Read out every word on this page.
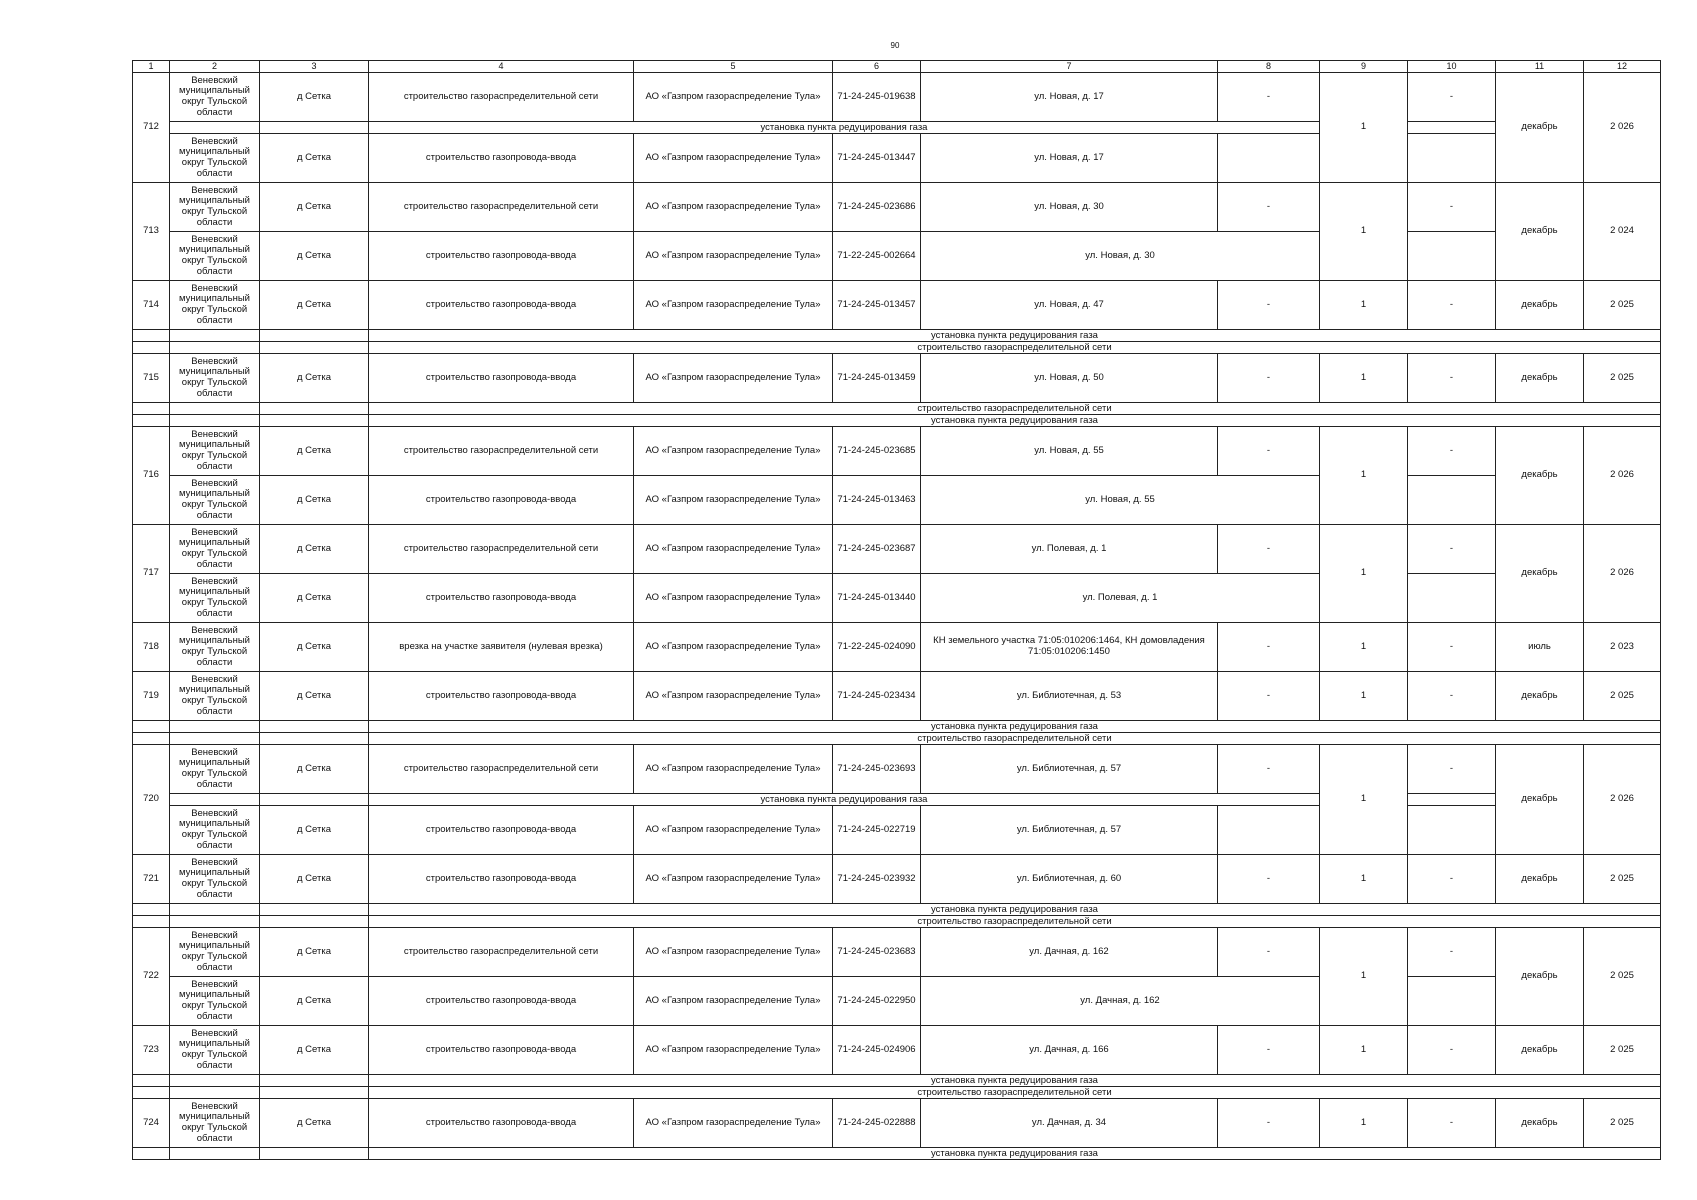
90
1	2	3	4	5	6	7	8	9	10	11	12
712	Веневский муниципальный округ Тульской области	д Сетка	строительство газораспределительной сети	АО «Газпром газораспределение Тула»	71-24-245-019638	ул. Новая, д. 17	-	1	-	декабрь	2 026
			установка пункта редуцирования газа								
	Веневский муниципальный округ Тульской области	д Сетка	строительство газопровода-ввода	АО «Газпром газораспределение Тула»	71-24-245-013447	ул. Новая, д. 17					
713	Веневский муниципальный округ Тульской области	д Сетка	строительство газораспределительной сети	АО «Газпром газораспределение Тула»	71-24-245-023686	ул. Новая, д. 30	-	1	-	декабрь	2 024
	Веневский муниципальный округ Тульской области	д Сетка	строительство газопровода-ввода	АО «Газпром газораспределение Тула»	71-22-245-002664	ул. Новая, д. 30					
714	Веневский муниципальный округ Тульской области	д Сетка	строительство газопровода-ввода	АО «Газпром газораспределение Тула»	71-24-245-013457	ул. Новая, д. 47	-	1	-	декабрь	2 025
			установка пункта редуцирования газа								
			строительство газораспределительной сети								
715	Веневский муниципальный округ Тульской области	д Сетка	строительство газопровода-ввода	АО «Газпром газораспределение Тула»	71-24-245-013459	ул. Новая, д. 50	-	1	-	декабрь	2 025
			строительство газораспределительной сети								
			установка пункта редуцирования газа								
716	Веневский муниципальный округ Тульской области	д Сетка	строительство газораспределительной сети	АО «Газпром газораспределение Тула»	71-24-245-023685	ул. Новая, д. 55	-	1	-	декабрь	2 026
	Веневский муниципальный округ Тульской области	д Сетка	строительство газопровода-ввода	АО «Газпром газораспределение Тула»	71-24-245-013463	ул. Новая, д. 55					
717	Веневский муниципальный округ Тульской области	д Сетка	строительство газораспределительной сети	АО «Газпром газораспределение Тула»	71-24-245-023687	ул. Полевая, д. 1	-	1	-	декабрь	2 026
	Веневский муниципальный округ Тульской области	д Сетка	строительство газопровода-ввода	АО «Газпром газораспределение Тула»	71-24-245-013440	ул. Полевая, д. 1					
718	Веневский муниципальный округ Тульской области	д Сетка	врезка на участке заявителя (нулевая врезка)	АО «Газпром газораспределение Тула»	71-22-245-024090	КН земельного участка 71:05:010206:1464, КН домовладения 71:05:010206:1450	-	1	-	июль	2 023
719	Веневский муниципальный округ Тульской области	д Сетка	строительство газопровода-ввода	АО «Газпром газораспределение Тула»	71-24-245-023434	ул. Библиотечная, д. 53	-	1	-	декабрь	2 025
			установка пункта редуцирования газа								
			строительство газораспределительной сети								
720	Веневский муниципальный округ Тульской области	д Сетка	строительство газораспределительной сети	АО «Газпром газораспределение Тула»	71-24-245-023693	ул. Библиотечная, д. 57	-	1	-	декабрь	2 026
			установка пункта редуцирования газа								
	Веневский муниципальный округ Тульской области	д Сетка	строительство газопровода-ввода	АО «Газпром газораспределение Тула»	71-24-245-022719	ул. Библиотечная, д. 57					
721	Веневский муниципальный округ Тульской области	д Сетка	строительство газопровода-ввода	АО «Газпром газораспределение Тула»	71-24-245-023932	ул. Библиотечная, д. 60	-	1	-	декабрь	2 025
			установка пункта редуцирования газа								
			строительство газораспределительной сети								
722	Веневский муниципальный округ Тульской области	д Сетка	строительство газораспределительной сети	АО «Газпром газораспределение Тула»	71-24-245-023683	ул. Дачная, д. 162	-	1	-	декабрь	2 025
	Веневский муниципальный округ Тульской области	д Сетка	строительство газопровода-ввода	АО «Газпром газораспределение Тула»	71-24-245-022950	ул. Дачная, д. 162					
723	Веневский муниципальный округ Тульской области	д Сетка	строительство газопровода-ввода	АО «Газпром газораспределение Тула»	71-24-245-024906	ул. Дачная, д. 166	-	1	-	декабрь	2 025
			установка пункта редуцирования газа								
			строительство газораспределительной сети								
724	Веневский муниципальный округ Тульской области	д Сетка	строительство газопровода-ввода	АО «Газпром газораспределение Тула»	71-24-245-022888	ул. Дачная, д. 34	-	1	-	декабрь	2 025
			установка пункта редуцирования газа								
